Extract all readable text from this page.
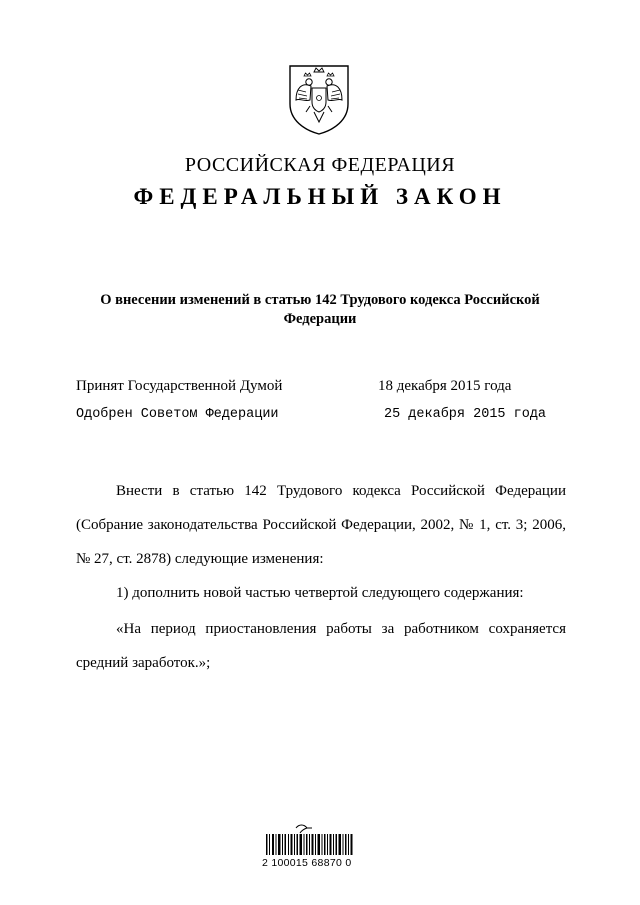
РОССИЙСКАЯ ФЕДЕРАЦИЯ
ФЕДЕРАЛЬНЫЙ ЗАКОН
О внесении изменений в статью 142 Трудового кодекса Российской Федерации
Принят Государственной Думой	18 декабря 2015 года
Одобрен Советом Федерации	25 декабря 2015 года
Внести в статью 142 Трудового кодекса Российской Федерации (Собрание законодательства Российской Федерации, 2002, № 1, ст. 3; 2006, № 27, ст. 2878) следующие изменения:
1) дополнить новой частью четвертой следующего содержания:
«На период приостановления работы за работником сохраняется средний заработок.»;
2 100015 68870 0
